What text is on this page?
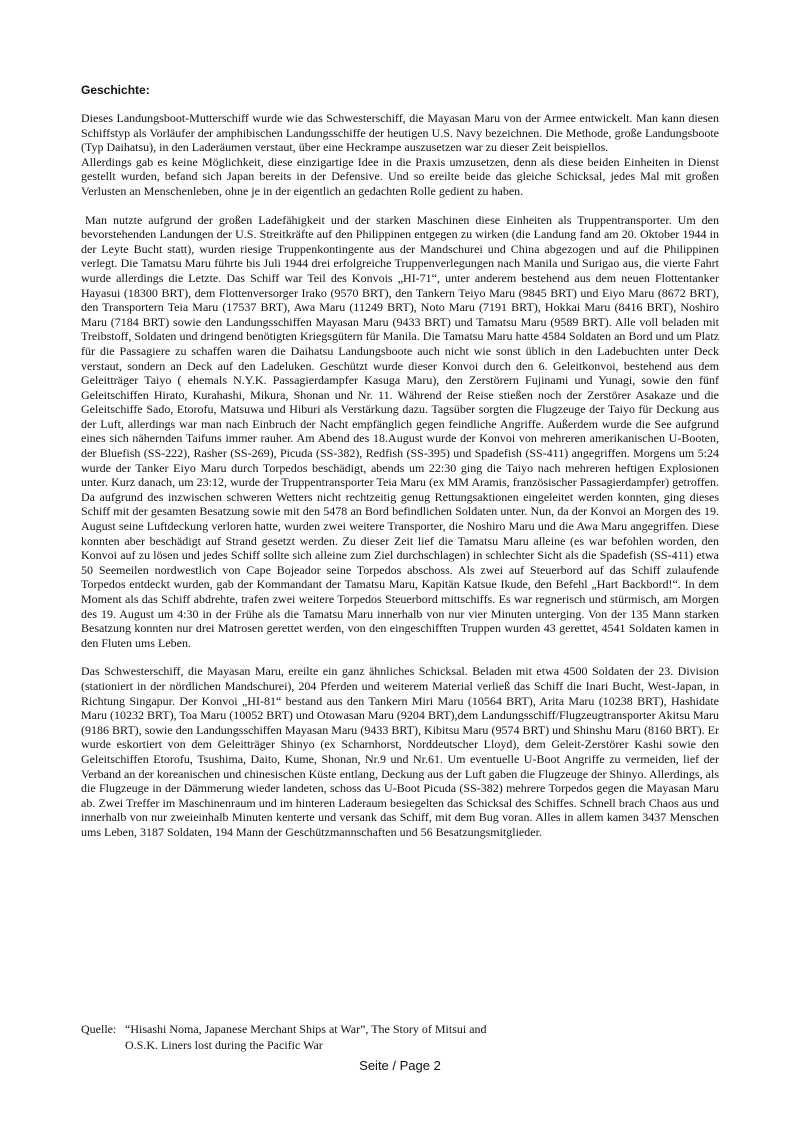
Geschichte:

Dieses Landungsboot-Mutterschiff wurde wie das Schwesterschiff, die Mayasan Maru von der Armee entwickelt. Man kann diesen Schiffstyp als Vorläufer der amphibischen Landungsschiffe der heutigen U.S. Navy bezeichnen. Die Methode, große Landungsboote (Typ Daihatsu), in den Laderäumen verstaut, über eine Heckrampe auszusetzen war zu dieser Zeit beispiellos.

Allerdings gab es keine Möglichkeit, diese einzigartige Idee in die Praxis umzusetzen, denn als diese beiden Einheiten in Dienst gestellt wurden, befand sich Japan bereits in der Defensive. Und so ereilte beide das gleiche Schicksal, jedes Mal mit großen Verlusten an Menschenleben, ohne je in der eigentlich an gedachten Rolle gedient zu haben.

Man nutzte aufgrund der großen Ladefähigkeit und der starken Maschinen diese Einheiten als Truppentransporter. Um den bevorstehenden Landungen der U.S. Streitkräfte auf den Philippinen entgegen zu wirken (die Landung fand am 20. Oktober 1944 in der Leyte Bucht statt), wurden riesige Truppenkontingente aus der Mandschurei und China abgezogen und auf die Philippinen verlegt. Die Tamatsu Maru führte bis Juli 1944 drei erfolgreiche Truppenverlegungen nach Manila und Surigao aus, die vierte Fahrt wurde allerdings die Letzte. Das Schiff war Teil des Konvois „HI-71“, unter anderem bestehend aus dem neuen Flottentanker Hayasui (18300 BRT), dem Flottenversorger Irako (9570 BRT), den Tankern Teiyo Maru (9845 BRT) und Eiyo Maru (8672 BRT), den Transportern Teia Maru (17537 BRT), Awa Maru (11249 BRT), Noto Maru (7191 BRT), Hokkai Maru (8416 BRT), Noshiro Maru (7184 BRT) sowie den Landungsschiffen Mayasan Maru (9433 BRT) und Tamatsu Maru (9589 BRT). Alle voll beladen mit Treibstoff, Soldaten und dringend benötigten Kriegsgütern für Manila. Die Tamatsu Maru hatte 4584 Soldaten an Bord und um Platz für die Passagiere zu schaffen waren die Daihatsu Landungsboote auch nicht wie sonst üblich in den Ladebuchten unter Deck verstaut, sondern an Deck auf den Ladeluken. Geschützt wurde dieser Konvoi durch den 6. Geleitkonvoi, bestehend aus dem Geleitträger Taiyo ( ehemals N.Y.K. Passagierdampfer Kasuga Maru), den Zerstörern Fujinami und Yunagi, sowie den fünf Geleitschiffen Hirato, Kurahashi, Mikura, Shonan und Nr. 11. Während der Reise stießen noch der Zerstörer Asakaze und die Geleitschiffe Sado, Etorofu, Matsuwa und Hiburi als Verstärkung dazu. Tagsüber sorgten die Flugzeuge der Taiyo für Deckung aus der Luft, allerdings war man nach Einbruch der Nacht empfänglich gegen feindliche Angriffe. Außerdem wurde die See aufgrund eines sich nähernden Taifuns immer rauher. Am Abend des 18.August wurde der Konvoi von mehreren amerikanischen U-Booten, der Bluefish (SS-222), Rasher (SS-269), Picuda (SS-382), Redfish (SS-395) und Spadefish (SS-411) angegriffen. Morgens um 5:24 wurde der Tanker Eiyo Maru durch Torpedos beschädigt, abends um 22:30 ging die Taiyo nach mehreren heftigen Explosionen unter. Kurz danach, um 23:12, wurde der Truppentransporter Teia Maru (ex MM Aramis, französischer Passagierdampfer) getroffen. Da aufgrund des inzwischen schweren Wetters nicht rechtzeitig genug Rettungsaktionen eingeleitet werden konnten, ging dieses Schiff mit der gesamten Besatzung sowie mit den 5478 an Bord befindlichen Soldaten unter. Nun, da der Konvoi an Morgen des 19. August seine Luftdeckung verloren hatte, wurden zwei weitere Transporter, die Noshiro Maru und die Awa Maru angegriffen. Diese konnten aber beschädigt auf Strand gesetzt werden. Zu dieser Zeit lief die Tamatsu Maru alleine (es war befohlen worden, den Konvoi auf zu lösen und jedes Schiff sollte sich alleine zum Ziel durchschlagen) in schlechter Sicht als die Spadefish (SS-411) etwa 50 Seemeilen nordwestlich von Cape Bojeador seine Torpedos abschoss. Als zwei auf Steuerbord auf das Schiff zulaufende Torpedos entdeckt wurden, gab der Kommandant der Tamatsu Maru, Kapitän Katsue Ikude, den Befehl „Hart Backbord!“. In dem Moment als das Schiff abdrehte, trafen zwei weitere Torpedos Steuerbord mittschiffs. Es war regnerisch und stürmisch, am Morgen des 19. August um 4:30 in der Frühe als die Tamatsu Maru innerhalb von nur vier Minuten unterging. Von der 135 Mann starken Besatzung konnten nur drei Matrosen gerettet werden, von den eingeschifften Truppen wurden 43 gerettet, 4541 Soldaten kamen in den Fluten ums Leben.

Das Schwesterschiff, die Mayasan Maru, ereilte ein ganz ähnliches Schicksal. Beladen mit etwa 4500 Soldaten der 23. Division (stationiert in der nördlichen Mandschurei), 204 Pferden und weiterem Material verließ das Schiff die Inari Bucht, West-Japan, in Richtung Singapur. Der Konvoi „HI-81“ bestand aus den Tankern Miri Maru (10564 BRT), Arita Maru (10238 BRT), Hashidate Maru (10232 BRT), Toa Maru (10052 BRT) und Otowasan Maru (9204 BRT),dem Landungsschiff/Flugzeugtransporter Akitsu Maru (9186 BRT), sowie den Landungsschiffen Mayasan Maru (9433 BRT), Kibitsu Maru (9574 BRT) und Shinshu Maru (8160 BRT). Er wurde eskortiert von dem Geleitträger Shinyo (ex Scharnhorst, Norddeutscher Lloyd), dem Geleit-Zerstörer Kashi sowie den Geleitschiffen Etorofu, Tsushima, Daito, Kume, Shonan, Nr.9 und Nr.61. Um eventuelle U-Boot Angriffe zu vermeiden, lief der Verband an der koreanischen und chinesischen Küste entlang, Deckung aus der Luft gaben die Flugzeuge der Shinyo. Allerdings, als die Flugzeuge in der Dämmerung wieder landeten, schoss das U-Boot Picuda (SS-382) mehrere Torpedos gegen die Mayasan Maru ab. Zwei Treffer im Maschinenraum und im hinteren Laderaum besiegelten das Schicksal des Schiffes. Schnell brach Chaos aus und innerhalb von nur zweieinhalb Minuten kenterte und versank das Schiff, mit dem Bug voran. Alles in allem kamen 3437 Menschen ums Leben, 3187 Soldaten, 194 Mann der Geschützmannschaften und 56 Besatzungsmitglieder.

Quelle: “Hisashi Noma, Japanese Merchant Ships at War”, The Story of Mitsui and
O.S.K. Liners lost during the Pacific War
Seite / Page 2
